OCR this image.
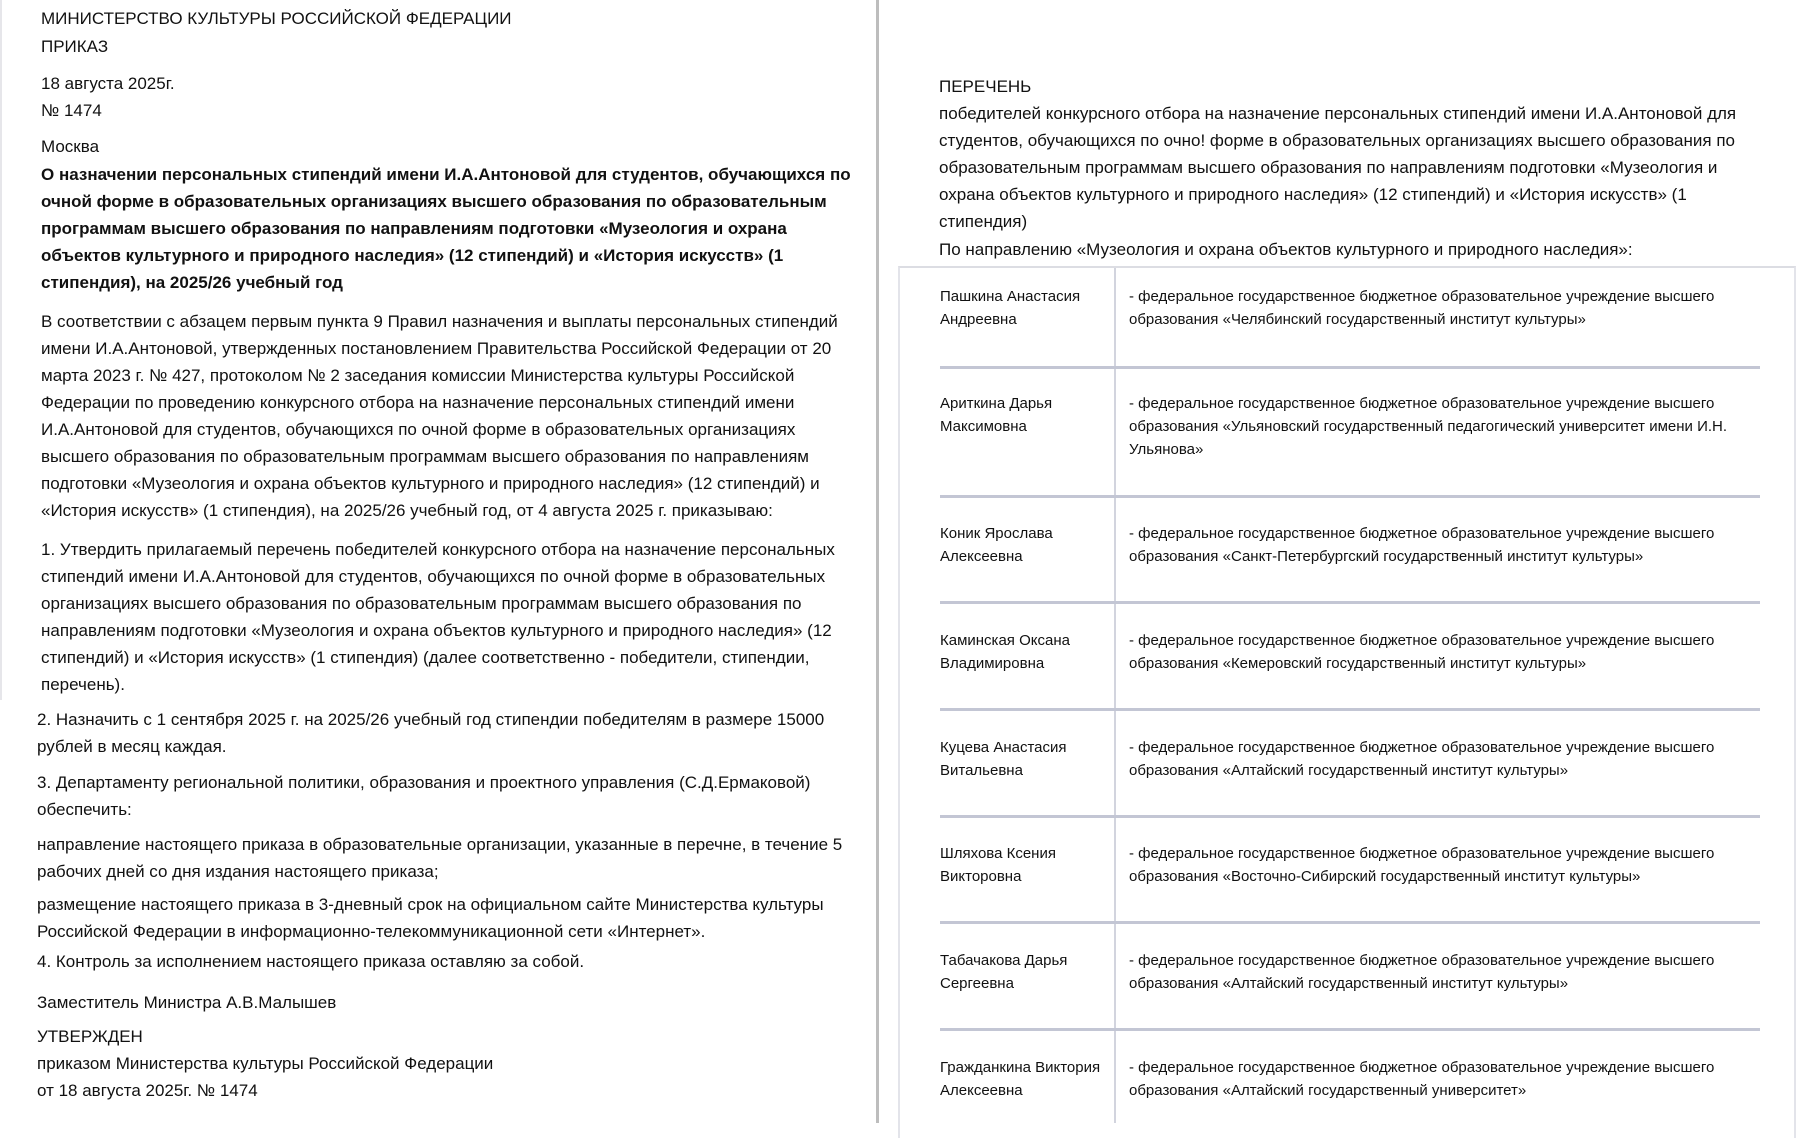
МИНИСТЕРСТВО КУЛЬТУРЫ РОССИЙСКОЙ ФЕДЕРАЦИИ
ПРИКАЗ
18 августа 2025г.
№ 1474
Москва
О назначении персональных стипендий имени И.А.Антоновой для студентов, обучающихся по
очной форме в образовательных организациях высшего образования по образовательным
программам высшего образования по направлениям подготовки «Музеология и охрана
объектов культурного и природного наследия» (12 стипендий) и «История искусств» (1
стипендия), на 2025/26 учебный год
В соответствии с абзацем первым пункта 9 Правил назначения и выплаты персональных стипендий
имени И.А.Антоновой, утвержденных постановлением Правительства Российской Федерации от 20
марта 2023 г. № 427, протоколом № 2 заседания комиссии Министерства культуры Российской
Федерации по проведению конкурсного отбора на назначение персональных стипендий имени
И.А.Антоновой для студентов, обучающихся по очной форме в образовательных организациях
высшего образования по образовательным программам высшего образования по направлениям
подготовки «Музеология и охрана объектов культурного и природного наследия» (12 стипендий) и
«История искусств» (1 стипендия), на 2025/26 учебный год, от 4 августа 2025 г. приказываю:
1. Утвердить прилагаемый перечень победителей конкурсного отбора на назначение персональных
стипендий имени И.А.Антоновой для студентов, обучающихся по очной форме в образовательных
организациях высшего образования по образовательным программам высшего образования по
направлениям подготовки «Музеология и охрана объектов культурного и природного наследия» (12
стипендий) и «История искусств» (1 стипендия) (далее соответственно - победители, стипендии,
перечень).
2. Назначить с 1 сентября 2025 г. на 2025/26 учебный год стипендии победителям в размере 15000
рублей в месяц каждая.
3. Департаменту региональной политики, образования и проектного управления (С.Д.Ермаковой)
обеспечить:
направление настоящего приказа в образовательные организации, указанные в перечне, в течение 5
рабочих дней со дня издания настоящего приказа;
размещение настоящего приказа в 3-дневный срок на официальном сайте Министерства культуры
Российской Федерации в информационно-телекоммуникационной сети «Интернет».
4. Контроль за исполнением настоящего приказа оставляю за собой.
Заместитель Министра А.В.Малышев
УТВЕРЖДЕН
приказом Министерства культуры Российской Федерации
от 18 августа 2025г. № 1474
ПЕРЕЧЕНЬ
победителей конкурсного отбора на назначение персональных стипендий имени И.А.Антоновой для
студентов, обучающихся по очно! форме в образовательных организациях высшего образования по
образовательным программам высшего образования по направлениям подготовки «Музеология и
охрана объектов культурного и природного наследия» (12 стипендий) и «История искусств» (1
стипендия)
По направлению «Музеология и охрана объектов культурного и природного наследия»:
Пашкина Анастасия
Андреевна
- федеральное государственное бюджетное образовательное учреждение высшего
образования «Челябинский государственный институт культуры»
Ариткина Дарья
Максимовна
- федеральное государственное бюджетное образовательное учреждение высшего
образования «Ульяновский государственный педагогический университет имени И.Н.
Ульянова»
Коник Ярослава
Алексеевна
- федеральное государственное бюджетное образовательное учреждение высшего
образования «Санкт-Петербургский государственный институт культуры»
Каминская Оксана
Владимировна
- федеральное государственное бюджетное образовательное учреждение высшего
образования «Кемеровский государственный институт культуры»
Куцева Анастасия
Витальевна
- федеральное государственное бюджетное образовательное учреждение высшего
образования «Алтайский государственный институт культуры»
Шляхова Ксения
Викторовна
- федеральное государственное бюджетное образовательное учреждение высшего
образования «Восточно-Сибирский государственный институт культуры»
Табачакова Дарья
Сергеевна
- федеральное государственное бюджетное образовательное учреждение высшего
образования «Алтайский государственный институт культуры»
Гражданкина Виктория
Алексеевна
- федеральное государственное бюджетное образовательное учреждение высшего
образования «Алтайский государственный университет»
